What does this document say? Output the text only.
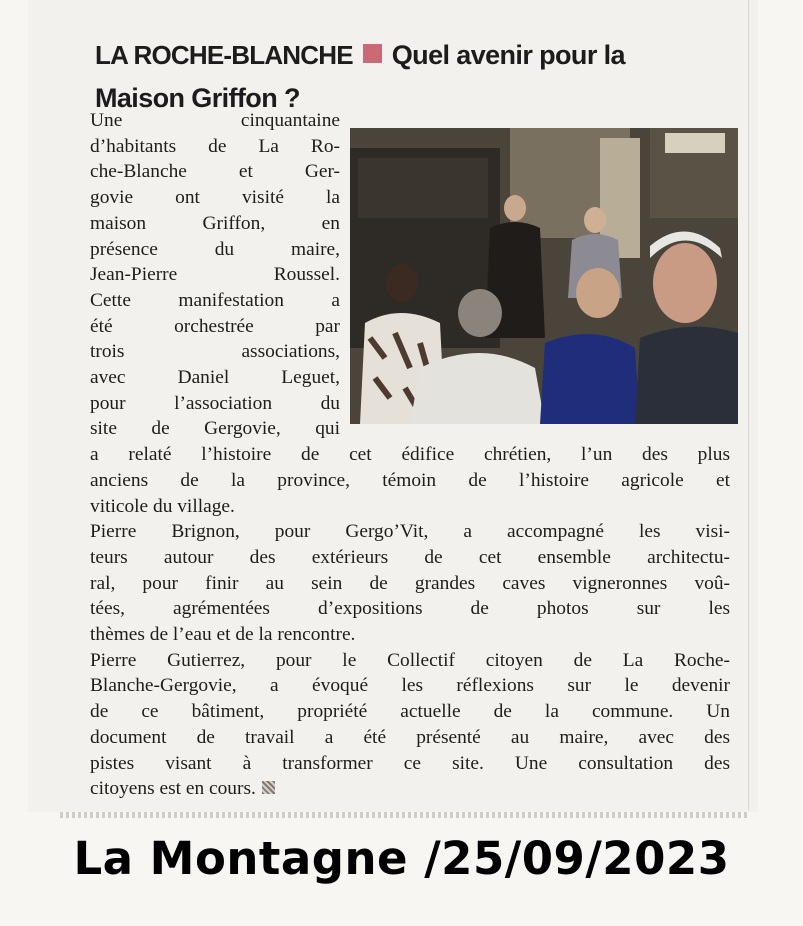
LA ROCHE-BLANCHE Quel avenir pour la
Maison Griffon ?
Une cinquantaine
d’habitants de La Ro-
che-Blanche et Ger-
govie ont visité la
maison Griffon, en
présence du maire,
Jean-Pierre Roussel.
Cette manifestation a
été orchestrée par
trois associations,
avec Daniel Leguet,
pour l’association du
site de Gergovie, qui
a relaté l’histoire de cet édifice chrétien, l’un des plus
anciens de la province, témoin de l’histoire agricole et
viticole du village.
Pierre Brignon, pour Gergo’Vit, a accompagné les visi-
teurs autour des extérieurs de cet ensemble architectu-
ral, pour finir au sein de grandes caves vigneronnes voû-
tées, agrémentées d’expositions de photos sur les
thèmes de l’eau et de la rencontre.
Pierre Gutierrez, pour le Collectif citoyen de La Roche-
Blanche-Gergovie, a évoqué les réflexions sur le devenir
de ce bâtiment, propriété actuelle de la commune. Un
document de travail a été présenté au maire, avec des
pistes visant à transformer ce site. Une consultation des
citoyens est en cours.
La Montagne /25/09/2023
